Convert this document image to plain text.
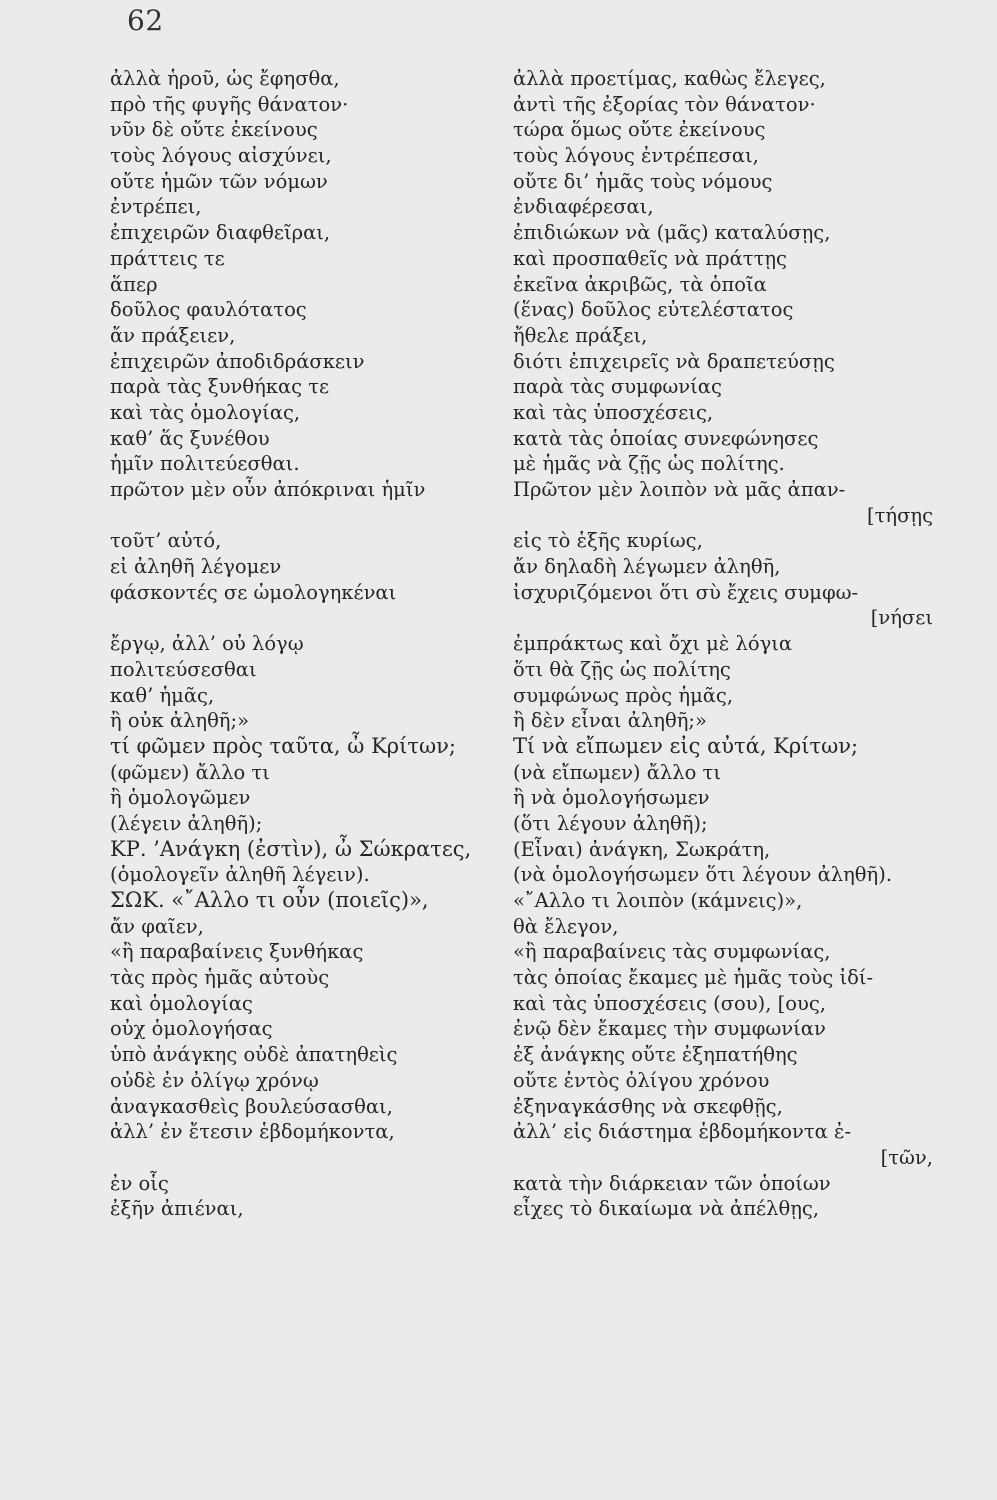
62
ἀλλὰ ἡροῦ, ὡς ἔφησθα,
πρὸ τῆς φυγῆς θάνατον·
νῦν δὲ οὔτε ἐκείνους
τοὺς λόγους αἰσχύνει,
οὔτε ἡμῶν τῶν νόμων
ἐντρέπει,
ἐπιχειρῶν διαφθεῖραι,
πράττεις τε
ἅπερ
δοῦλος φαυλότατος
ἄν πράξειεν,
ἐπιχειρῶν ἀποδιδράσκειν
παρὰ τὰς ξυνθήκας τε
καὶ τὰς ὁμολογίας,
καθ’ ἅς ξυνέθου
ἡμῖν πολιτεύεσθαι.
πρῶτον μὲν οὖν ἀπόκριναι ἡμῖν
τοῦτ’ αὐτό,
εἰ ἀληθῆ λέγομεν
φάσκοντές σε ὡμολογηκέναι
ἔργῳ, ἀλλ’ οὐ λόγῳ
πολιτεύσεσθαι
καθ’ ἡμᾶς,
ἢ οὐκ ἀληθῆ;»
τί φῶμεν πρὸς ταῦτα, ὦ Κρίτων;
(φῶμεν) ἄλλο τι
ἢ ὁμολογῶμεν
(λέγειν ἀληθῆ);
ΚΡ. ’Ανάγκη (ἐστὶν), ὦ Σώκρατες,
(ὁμολογεῖν ἀληθῆ λέγειν).
ΣΩΚ. «῎Αλλο τι οὖν (ποιεῖς)»,
ἄν φαῖεν,
«ἢ παραβαίνεις ξυνθήκας
τὰς πρὸς ἡμᾶς αὐτοὺς
καὶ ὁμολογίας
οὐχ ὁμολογήσας
ὑπὸ ἀνάγκης οὐδὲ ἀπατηθεὶς
οὐδὲ ἐν ὀλίγῳ χρόνῳ
ἀναγκασθεὶς βουλεύσασθαι,
ἀλλ’ ἐν ἔτεσιν ἑβδομήκοντα,
ἐν οἷς
ἐξῆν ἀπιέναι,
ἀλλὰ προετίμας, καθὼς ἔλεγες,
ἀντὶ τῆς ἐξορίας τὸν θάνατον·
τώρα ὅμως οὔτε ἐκείνους
τοὺς λόγους ἐντρέπεσαι,
οὔτε δι’ ἡμᾶς τοὺς νόμους
ἐνδιαφέρεσαι,
ἐπιδιώκων νὰ (μᾶς) καταλύσῃς,
καὶ προσπαθεῖς νὰ πράττῃς
ἐκεῖνα ἀκριβῶς, τὰ ὁποῖα
(ἕνας) δοῦλος εὐτελέστατος
ἤθελε πράξει,
διότι ἐπιχειρεῖς νὰ δραπετεύσῃς
παρὰ τὰς συμφωνίας
καὶ τὰς ὑποσχέσεις,
κατὰ τὰς ὁποίας συνεφώνησες
μὲ ἡμᾶς νὰ ζῇς ὡς πολίτης.
Πρῶτον μὲν λοιπὸν νὰ μᾶς ἀπαν-
[τήσῃς
εἰς τὸ ἑξῆς κυρίως,
ἄν δηλαδὴ λέγωμεν ἀληθῆ,
ἰσχυριζόμενοι ὅτι σὺ ἔχεις συμφω-
[νήσει
ἐμπράκτως καὶ ὄχι μὲ λόγια
ὅτι θὰ ζῇς ὡς πολίτης
συμφώνως πρὸς ἡμᾶς,
ἢ δὲν εἶναι ἀληθῆ;»
Τί νὰ εἴπωμεν εἰς αὐτά, Κρίτων;
(νὰ εἴπωμεν) ἄλλο τι
ἢ νὰ ὁμολογήσωμεν
(ὅτι λέγουν ἀληθῆ);
(Εἶναι) ἀνάγκη, Σωκράτη,
(νὰ ὁμολογήσωμεν ὅτι λέγουν ἀληθῆ).
«῎Αλλο τι λοιπὸν (κάμνεις)»,
θὰ ἔλεγον,
«ἢ παραβαίνεις τὰς συμφωνίας,
τὰς ὁποίας ἔκαμες μὲ ἡμᾶς τοὺς ἰδί-
καὶ τὰς ὑποσχέσεις (σου), [ους,
ἐνῷ δὲν ἔκαμες τὴν συμφωνίαν
ἐξ ἀνάγκης οὔτε ἐξηπατήθης
οὔτε ἐντὸς ὀλίγου χρόνου
ἐξηναγκάσθης νὰ σκεφθῇς,
ἀλλ’ εἰς διάστημα ἑβδομήκοντα ἐ-
[τῶν,
κατὰ τὴν διάρκειαν τῶν ὁποίων
εἶχες τὸ δικαίωμα νὰ ἀπέλθῃς,
